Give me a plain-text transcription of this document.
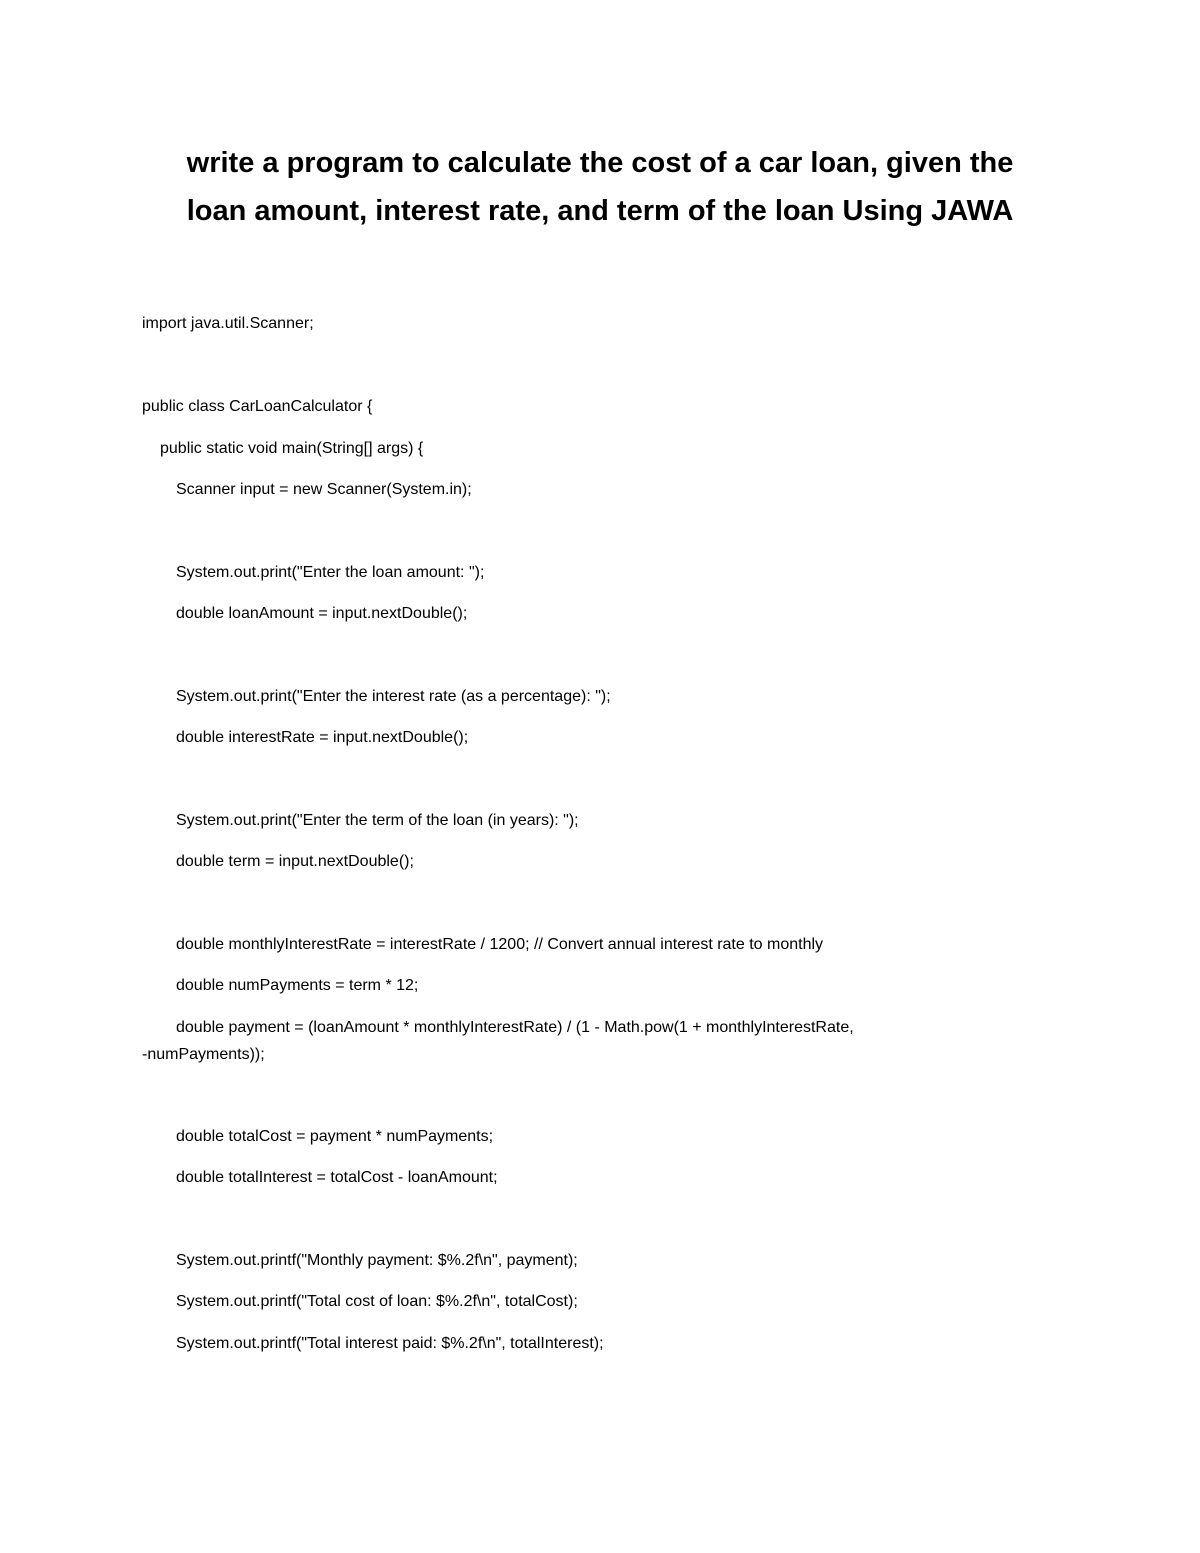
write a program to calculate the cost of a car loan, given the
loan amount, interest rate, and term of the loan Using JAWA
import java.util.Scanner;
public class CarLoanCalculator {
public static void main(String[] args) {
Scanner input = new Scanner(System.in);
System.out.print("Enter the loan amount: ");
double loanAmount = input.nextDouble();
System.out.print("Enter the interest rate (as a percentage): ");
double interestRate = input.nextDouble();
System.out.print("Enter the term of the loan (in years): ");
double term = input.nextDouble();
double monthlyInterestRate = interestRate / 1200; // Convert annual interest rate to monthly
double numPayments = term * 12;
double payment = (loanAmount * monthlyInterestRate) / (1 - Math.pow(1 + monthlyInterestRate,
-numPayments));
double totalCost = payment * numPayments;
double totalInterest = totalCost - loanAmount;
System.out.printf("Monthly payment: $%.2f\n", payment);
System.out.printf("Total cost of loan: $%.2f\n", totalCost);
System.out.printf("Total interest paid: $%.2f\n", totalInterest);
